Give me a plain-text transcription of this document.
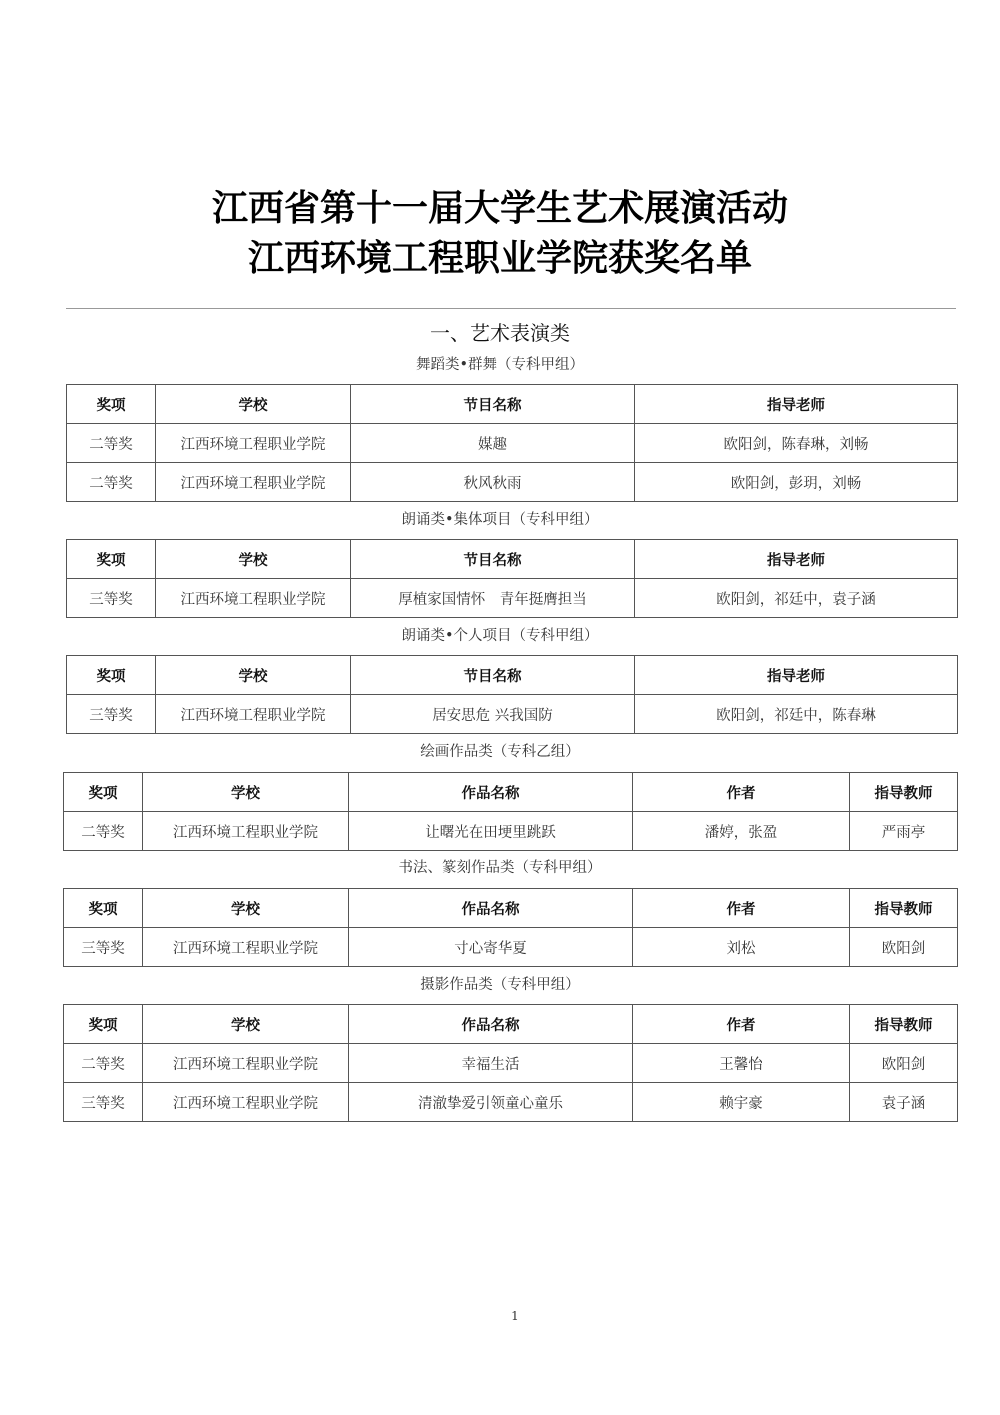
江西省第十一届大学生艺术展演活动
江西环境工程职业学院获奖名单
一、艺术表演类
舞蹈类•群舞（专科甲组）
奖项	学校	节目名称	指导老师
二等奖	江西环境工程职业学院	媒趣	欧阳剑，陈春琳，刘畅
二等奖	江西环境工程职业学院	秋风秋雨	欧阳剑，彭玥，刘畅
朗诵类•集体项目（专科甲组）
奖项	学校	节目名称	指导老师
三等奖	江西环境工程职业学院	厚植家国情怀　青年挺膺担当	欧阳剑，祁廷中，袁子涵
朗诵类•个人项目（专科甲组）
奖项	学校	节目名称	指导老师
三等奖	江西环境工程职业学院	居安思危 兴我国防	欧阳剑，祁廷中，陈春琳
绘画作品类（专科乙组）
奖项	学校	作品名称	作者	指导教师
二等奖	江西环境工程职业学院	让曙光在田埂里跳跃	潘婷，张盈	严雨亭
书法、篆刻作品类（专科甲组）
奖项	学校	作品名称	作者	指导教师
三等奖	江西环境工程职业学院	寸心寄华夏	刘松	欧阳剑
摄影作品类（专科甲组）
奖项	学校	作品名称	作者	指导教师
二等奖	江西环境工程职业学院	幸福生活	王馨怡	欧阳剑
三等奖	江西环境工程职业学院	清澈挚爱引领童心童乐	赖宇豪	袁子涵
1
